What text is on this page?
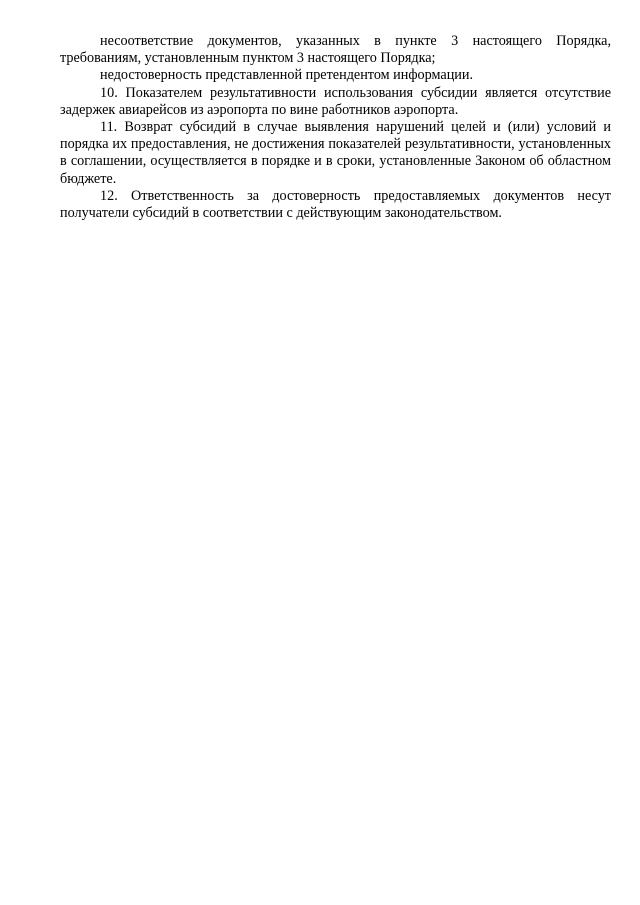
несоответствие документов, указанных в пункте 3 настоящего Порядка, требованиям, установленным пунктом 3 настоящего Порядка;

недостоверность представленной претендентом информации.

10. Показателем результативности использования субсидии является отсутствие задержек авиарейсов из аэропорта по вине работников аэропорта.

11. Возврат субсидий в случае выявления нарушений целей и (или) условий и порядка их предоставления, не достижения показателей результативности, установленных в соглашении, осуществляется в порядке и в сроки, установленные Законом об областном бюджете.

12. Ответственность за достоверность предоставляемых документов несут получатели субсидий в соответствии с действующим законодательством.
